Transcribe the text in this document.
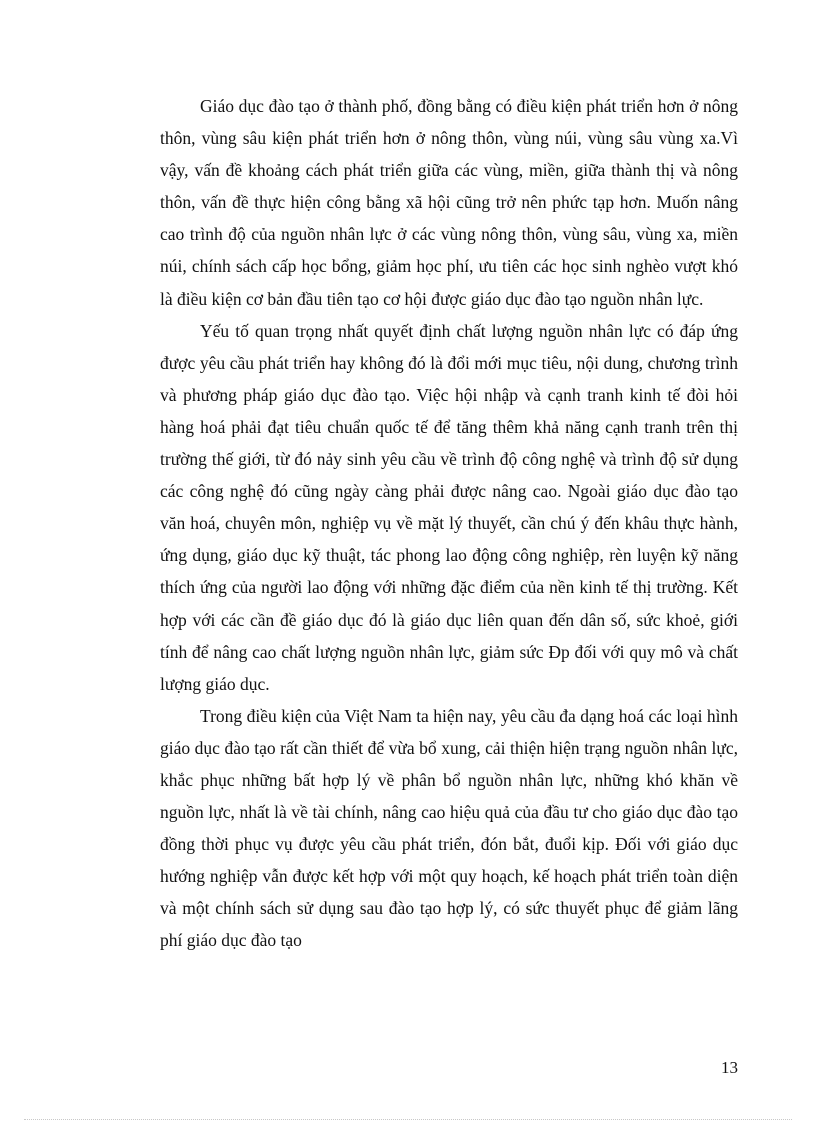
Giáo dục đào tạo ở thành phố, đồng bằng có điều kiện phát triển hơn ở nông thôn, vùng sâu kiện phát triển hơn ở nông thôn, vùng núi, vùng sâu vùng xa.Vì vậy, vấn đề khoảng cách phát triển giữa các vùng, miền, giữa thành thị và nông thôn, vấn đề thực hiện công bằng xã hội cũng trở nên phức tạp hơn. Muốn nâng cao trình độ của nguồn nhân lực ở các vùng nông thôn, vùng sâu, vùng xa, miền núi, chính sách cấp học bổng, giảm học phí, ưu tiên các học sinh nghèo vượt khó là điều kiện cơ bản đầu tiên tạo cơ hội được giáo dục đào tạo nguồn nhân lực.

Yếu tố quan trọng nhất quyết định chất lượng nguồn nhân lực có đáp ứng được yêu cầu phát triển hay không đó là đổi mới mục tiêu, nội dung, chương trình và phương pháp giáo dục đào tạo. Việc hội nhập và cạnh tranh kinh tế đòi hỏi hàng hoá phải đạt tiêu chuẩn quốc tế để tăng thêm khả năng cạnh tranh trên thị trường thế giới, từ đó nảy sinh yêu cầu về trình độ công nghệ và trình độ sử dụng các công nghệ đó cũng ngày càng phải được nâng cao. Ngoài giáo dục đào tạo văn hoá, chuyên môn, nghiệp vụ về mặt lý thuyết, cần chú ý đến khâu thực hành, ứng dụng, giáo dục kỹ thuật, tác phong lao động công nghiệp, rèn luyện kỹ năng thích ứng của người lao động với những đặc điểm của nền kinh tế thị trường. Kết hợp với các cần đề giáo dục đó là giáo dục liên quan đến dân số, sức khoẻ, giới tính để nâng cao chất lượng nguồn nhân lực, giảm sức Ðp đối với quy mô và chất lượng giáo dục.

Trong điều kiện của Việt Nam ta hiện nay, yêu cầu đa dạng hoá các loại hình giáo dục đào tạo rất cần thiết để vừa bổ xung, cải thiện hiện trạng nguồn nhân lực, khắc phục những bất hợp lý về phân bổ nguồn nhân lực, những khó khăn về nguồn lực, nhất là về tài chính, nâng cao hiệu quả của đầu tư cho giáo dục đào tạo đồng thời phục vụ được yêu cầu phát triển, đón bắt, đuổi kịp. Đối với giáo dục hướng nghiệp vẫn được kết hợp với một quy hoạch, kế hoạch phát triển toàn diện và một chính sách sử dụng sau đào tạo hợp lý, có sức thuyết phục để giảm lãng phí giáo dục đào tạo

13
